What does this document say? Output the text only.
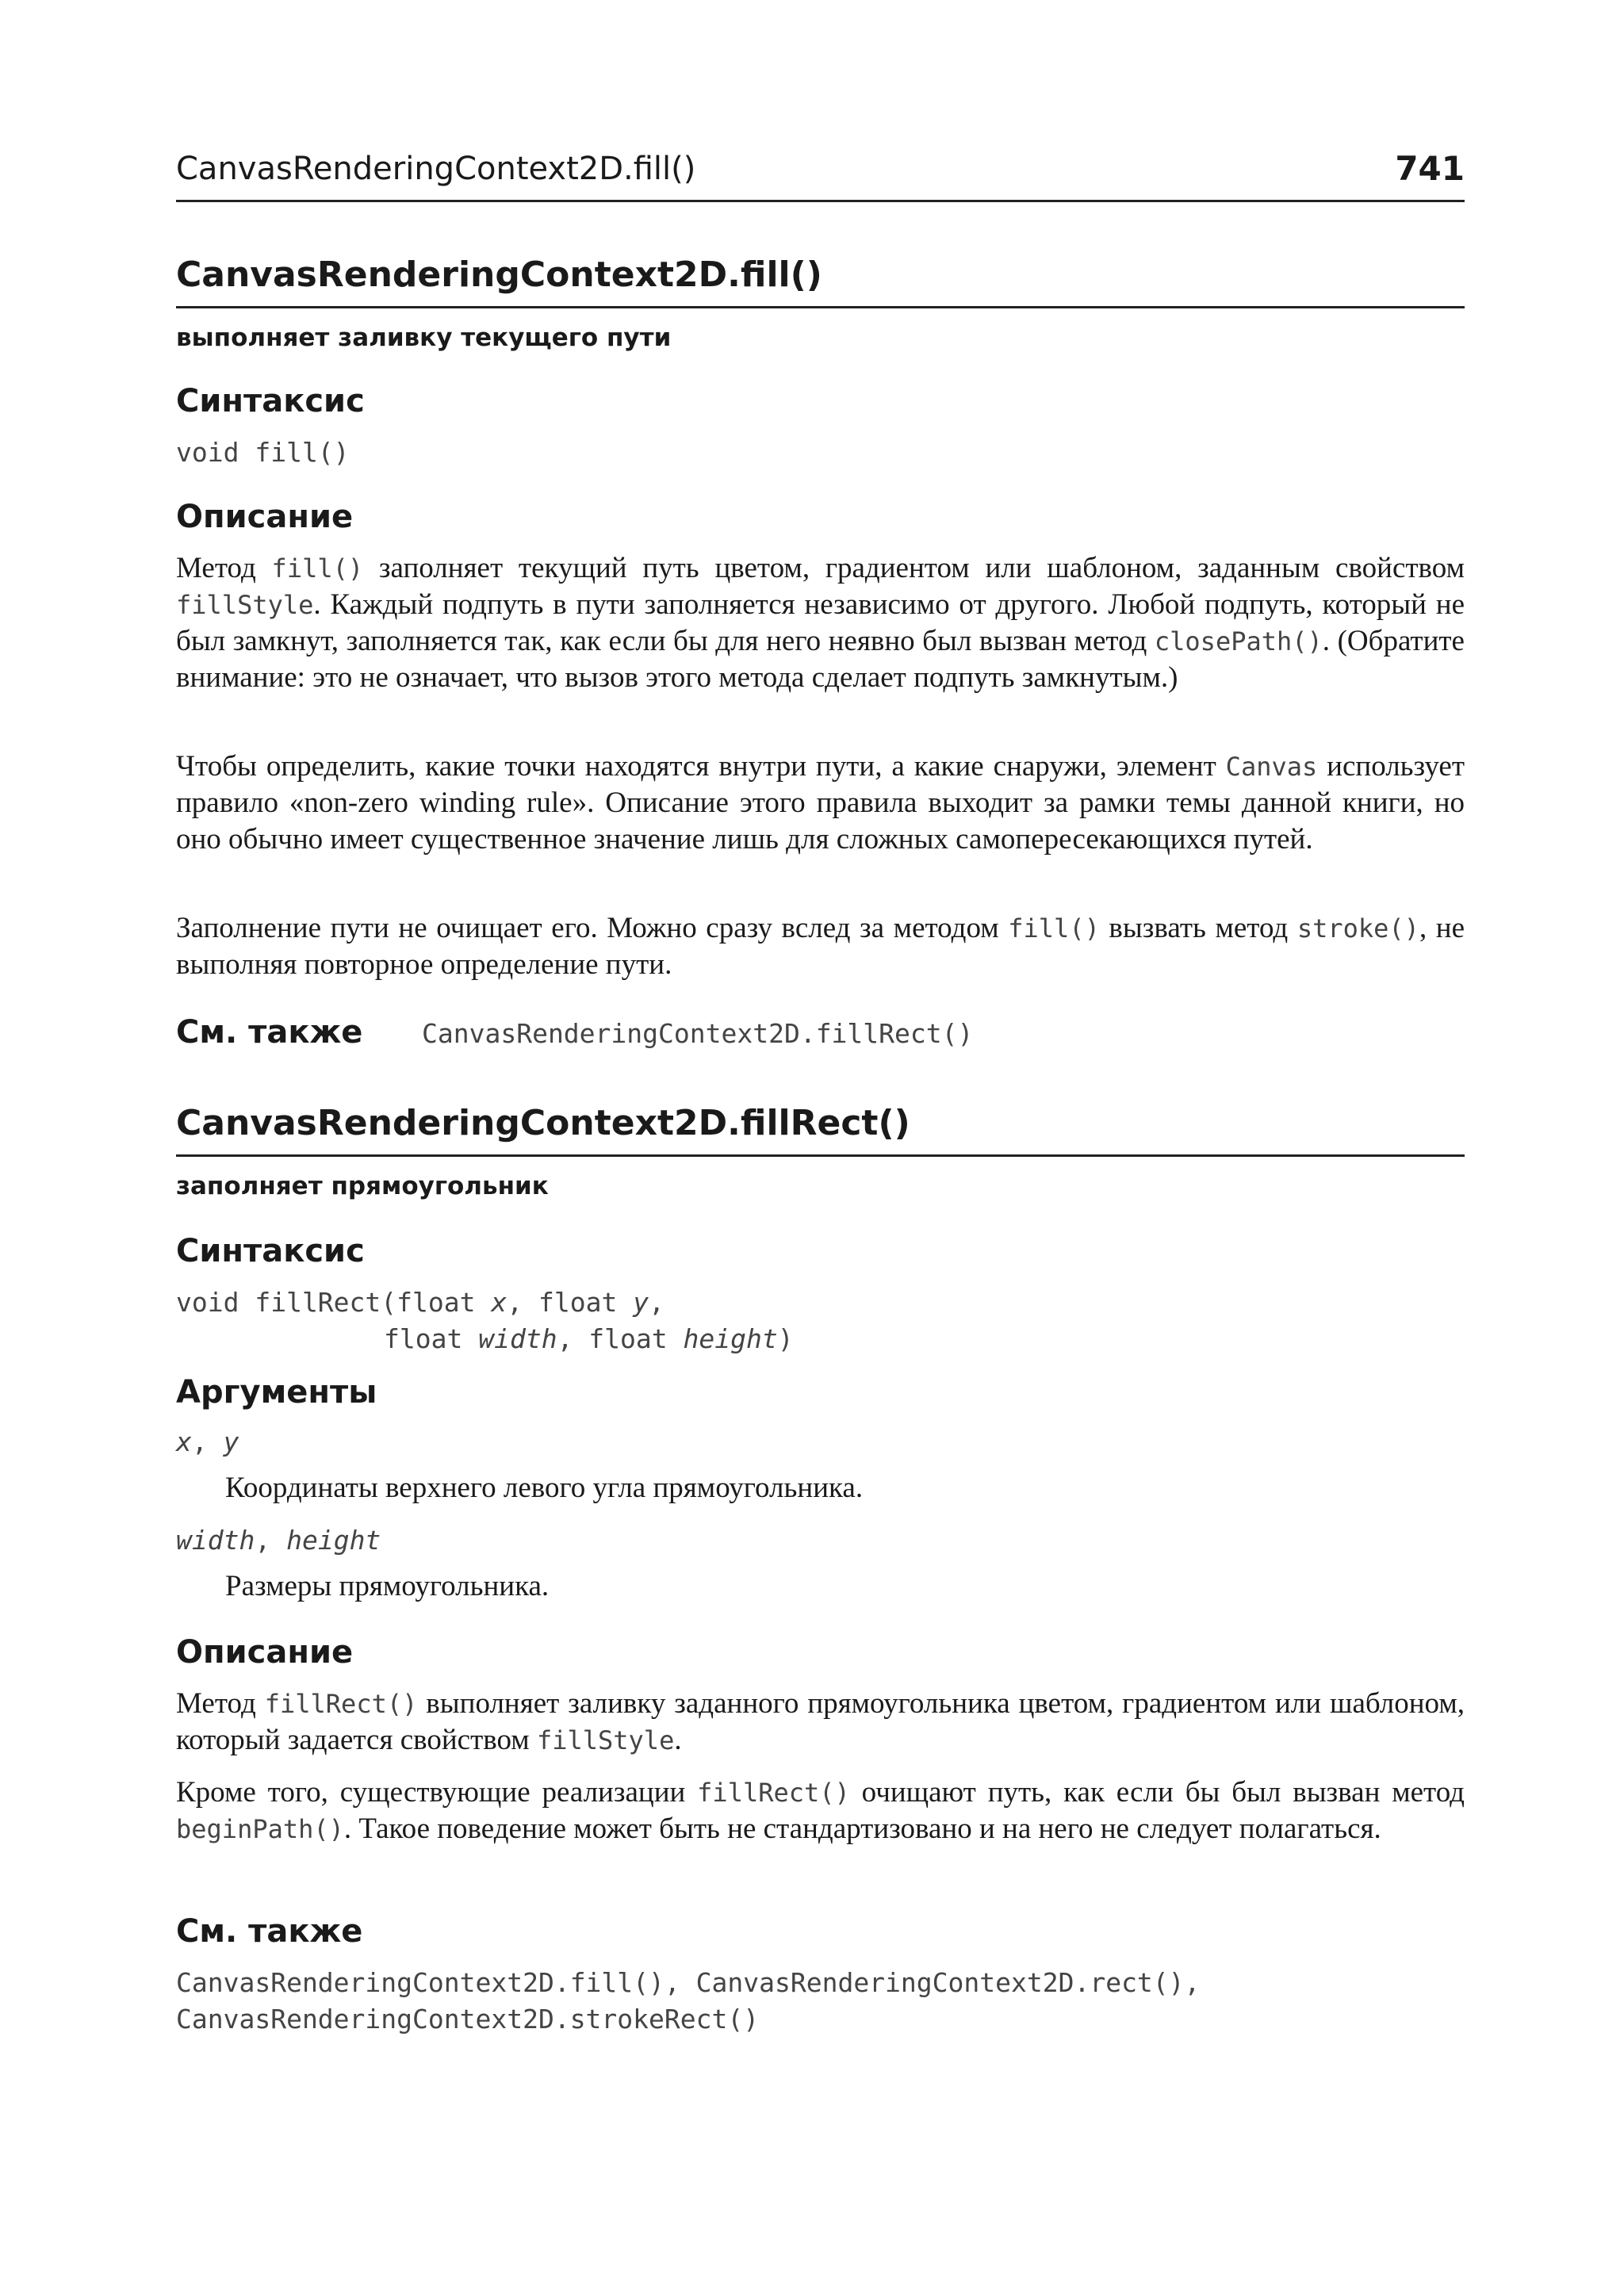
CanvasRenderingContext2D.fill()	741
CanvasRenderingContext2D.fill()
выполняет заливку текущего пути
Синтаксис
void fill()
Описание
Метод fill() заполняет текущий путь цветом, градиентом или шаблоном, заданным свойством fillStyle. Каждый подпуть в пути заполняется независимо от другого. Любой подпуть, который не был замкнут, заполняется так, как если бы для него неявно был вызван метод closePath(). (Обратите внимание: это не означает, что вызов этого метода сделает подпуть замкнутым.)
Чтобы определить, какие точки находятся внутри пути, а какие снаружи, элемент Canvas использует правило «non-zero winding rule». Описание этого правила выходит за рамки темы данной книги, но оно обычно имеет существенное значение лишь для сложных самопересекающихся путей.
Заполнение пути не очищает его. Можно сразу вслед за методом fill() вызвать метод stroke(), не выполняя повторное определение пути.
См. также CanvasRenderingContext2D.fillRect()
CanvasRenderingContext2D.fillRect()
заполняет прямоугольник
Синтаксис
void fillRect(float x, float y,
float width, float height)
Аргументы
x, y
Координаты верхнего левого угла прямоугольника.
width, height
Размеры прямоугольника.
Описание
Метод fillRect() выполняет заливку заданного прямоугольника цветом, градиентом или шаблоном, который задается свойством fillStyle.
Кроме того, существующие реализации fillRect() очищают путь, как если бы был вызван метод beginPath(). Такое поведение может быть не стандартизовано и на него не следует полагаться.
См. также
CanvasRenderingContext2D.fill(), CanvasRenderingContext2D.rect(), CanvasRenderingContext2D.strokeRect()
